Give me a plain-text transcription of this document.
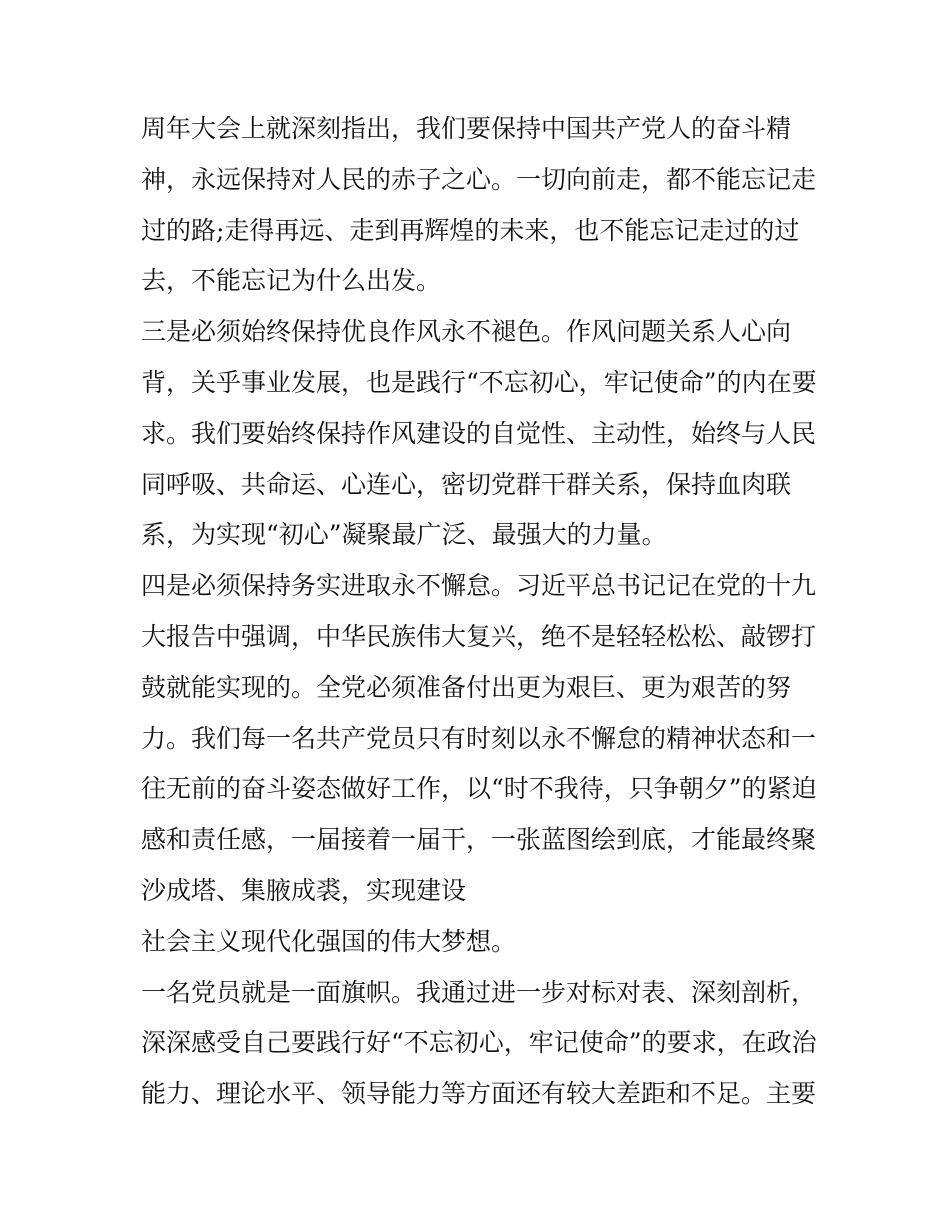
周年大会上就深刻指出，我们要保持中国共产党人的奋斗精
神，永远保持对人民的赤子之心。一切向前走，都不能忘记走
过的路;走得再远、走到再辉煌的未来，也不能忘记走过的过
去，不能忘记为什么出发。
三是必须始终保持优良作风永不褪色。作风问题关系人心向
背，关乎事业发展，也是践行“不忘初心，牢记使命”的内在要
求。我们要始终保持作风建设的自觉性、主动性，始终与人民
同呼吸、共命运、心连心，密切党群干群关系，保持血肉联
系，为实现“初心”凝聚最广泛、最强大的力量。
四是必须保持务实进取永不懈怠。习近平总书记记在党的十九
大报告中强调，中华民族伟大复兴，绝不是轻轻松松、敲锣打
鼓就能实现的。全党必须准备付出更为艰巨、更为艰苦的努
力。我们每一名共产党员只有时刻以永不懈怠的精神状态和一
往无前的奋斗姿态做好工作，以“时不我待，只争朝夕”的紧迫
感和责任感，一届接着一届干，一张蓝图绘到底，才能最终聚
沙成塔、集腋成裘，实现建设
社会主义现代化强国的伟大梦想。
一名党员就是一面旗帜。我通过进一步对标对表、深刻剖析，
深深感受自己要践行好“不忘初心，牢记使命”的要求，在政治
能力、理论水平、领导能力等方面还有较大差距和不足。主要
